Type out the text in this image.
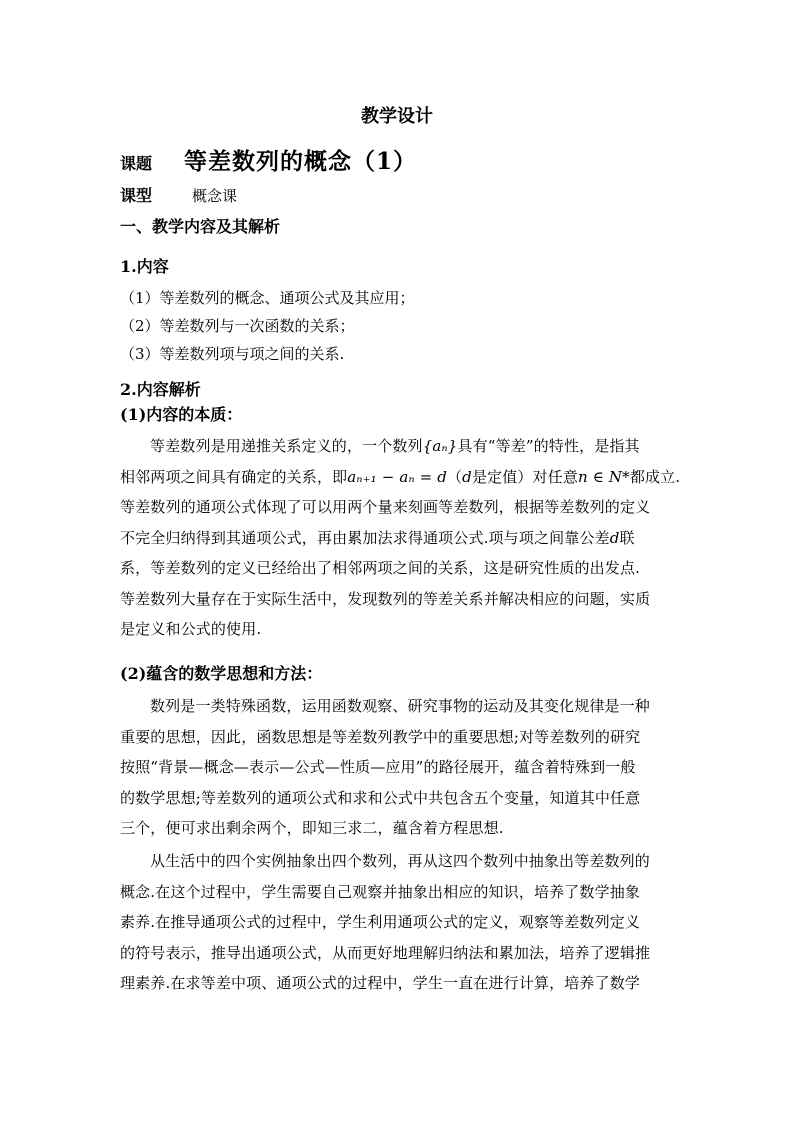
教学设计
课题 等差数列的概念（1）
课型	概念课
一、教学内容及其解析
1.内容
（1）等差数列的概念、通项公式及其应用；
（2）等差数列与一次函数的关系；
（3）等差数列项与项之间的关系.
2.内容解析
(1)内容的本质：
等差数列是用递推关系定义的，一个数列{aₙ}具有“等差”的特性，是指其
相邻两项之间具有确定的关系，即aₙ₊₁ − aₙ = d（d是定值）对任意n ∈ N*都成立.
等差数列的通项公式体现了可以用两个量来刻画等差数列，根据等差数列的定义
不完全归纳得到其通项公式，再由累加法求得通项公式.项与项之间靠公差d联
系，等差数列的定义已经给出了相邻两项之间的关系，这是研究性质的出发点.
等差数列大量存在于实际生活中，发现数列的等差关系并解决相应的问题，实质
是定义和公式的使用.
(2)蕴含的数学思想和方法：
数列是一类特殊函数，运用函数观察、研究事物的运动及其变化规律是一种
重要的思想，因此，函数思想是等差数列教学中的重要思想;对等差数列的研究
按照“背景—概念—表示—公式—性质—应用”的路径展开，蕴含着特殊到一般
的数学思想;等差数列的通项公式和求和公式中共包含五个变量，知道其中任意
三个，便可求出剩余两个，即知三求二，蕴含着方程思想.
从生活中的四个实例抽象出四个数列，再从这四个数列中抽象出等差数列的
概念.在这个过程中，学生需要自己观察并抽象出相应的知识，培养了数学抽象
素养.在推导通项公式的过程中，学生利用通项公式的定义，观察等差数列定义
的符号表示，推导出通项公式，从而更好地理解归纳法和累加法，培养了逻辑推
理素养.在求等差中项、通项公式的过程中，学生一直在进行计算，培养了数学
